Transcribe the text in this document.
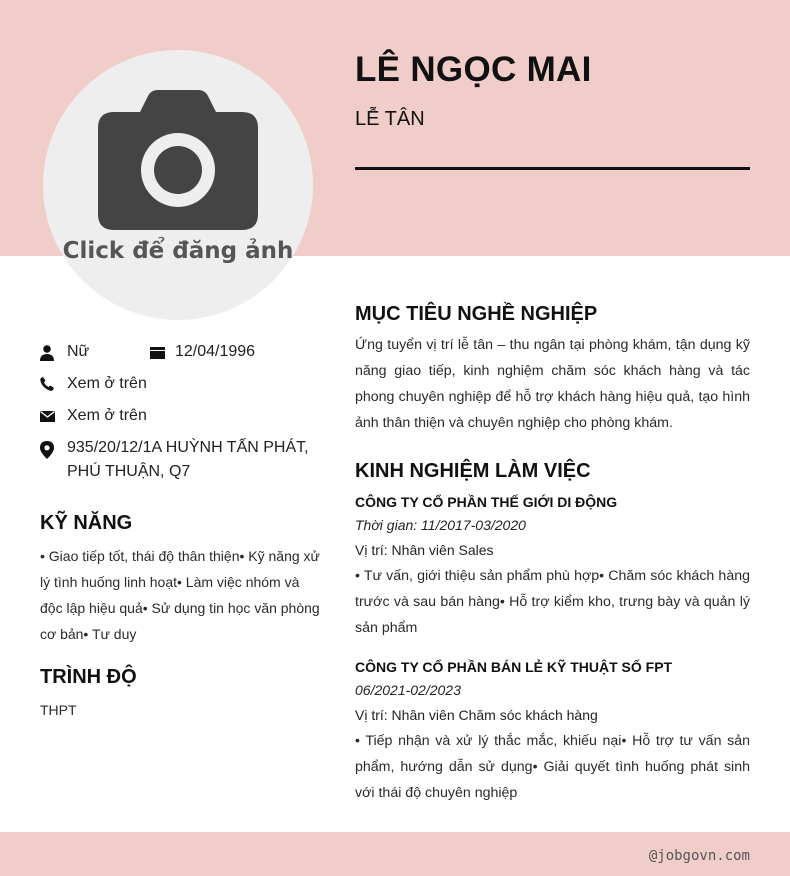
Click để đăng ảnh
LÊ NGỌC MAI
LỄ TÂN
Nữ	12/04/1996
Xem ở trên
Xem ở trên
935/20/12/1A HUỲNH TẤN PHÁT,
PHÚ THUẬN, Q7
KỸ NĂNG
• Giao tiếp tốt, thái độ thân thiện• Kỹ năng xử
lý tình huống linh hoạt• Làm việc nhóm và
độc lập hiệu quả• Sử dụng tin học văn phòng
cơ bản• Tư duy
TRÌNH ĐỘ
THPT
MỤC TIÊU NGHỀ NGHIỆP
Ứng tuyển vị trí lễ tân – thu ngân tại phòng khám, tận dụng kỹ năng giao tiếp, kinh nghiệm chăm sóc khách hàng và tác phong chuyên nghiệp để hỗ trợ khách hàng hiệu quả, tạo hình ảnh thân thiện và chuyên nghiệp cho phòng khám.
KINH NGHIỆM LÀM VIỆC
CÔNG TY CỔ PHẦN THẾ GIỚI DI ĐỘNG
Thời gian: 11/2017-03/2020
Vị trí: Nhân viên Sales
• Tư vấn, giới thiệu sản phẩm phù hợp• Chăm sóc khách hàng trước và sau bán hàng• Hỗ trợ kiểm kho, trưng bày và quản lý sản phẩm
CÔNG TY CỔ PHẦN BÁN LẺ KỸ THUẬT SỐ FPT
06/2021-02/2023
Vị trí: Nhân viên Chăm sóc khách hàng
• Tiếp nhận và xử lý thắc mắc, khiếu nại• Hỗ trợ tư vấn sản phẩm, hướng dẫn sử dụng• Giải quyết tình huống phát sinh với thái độ chuyên nghiệp
@jobgovn.com
